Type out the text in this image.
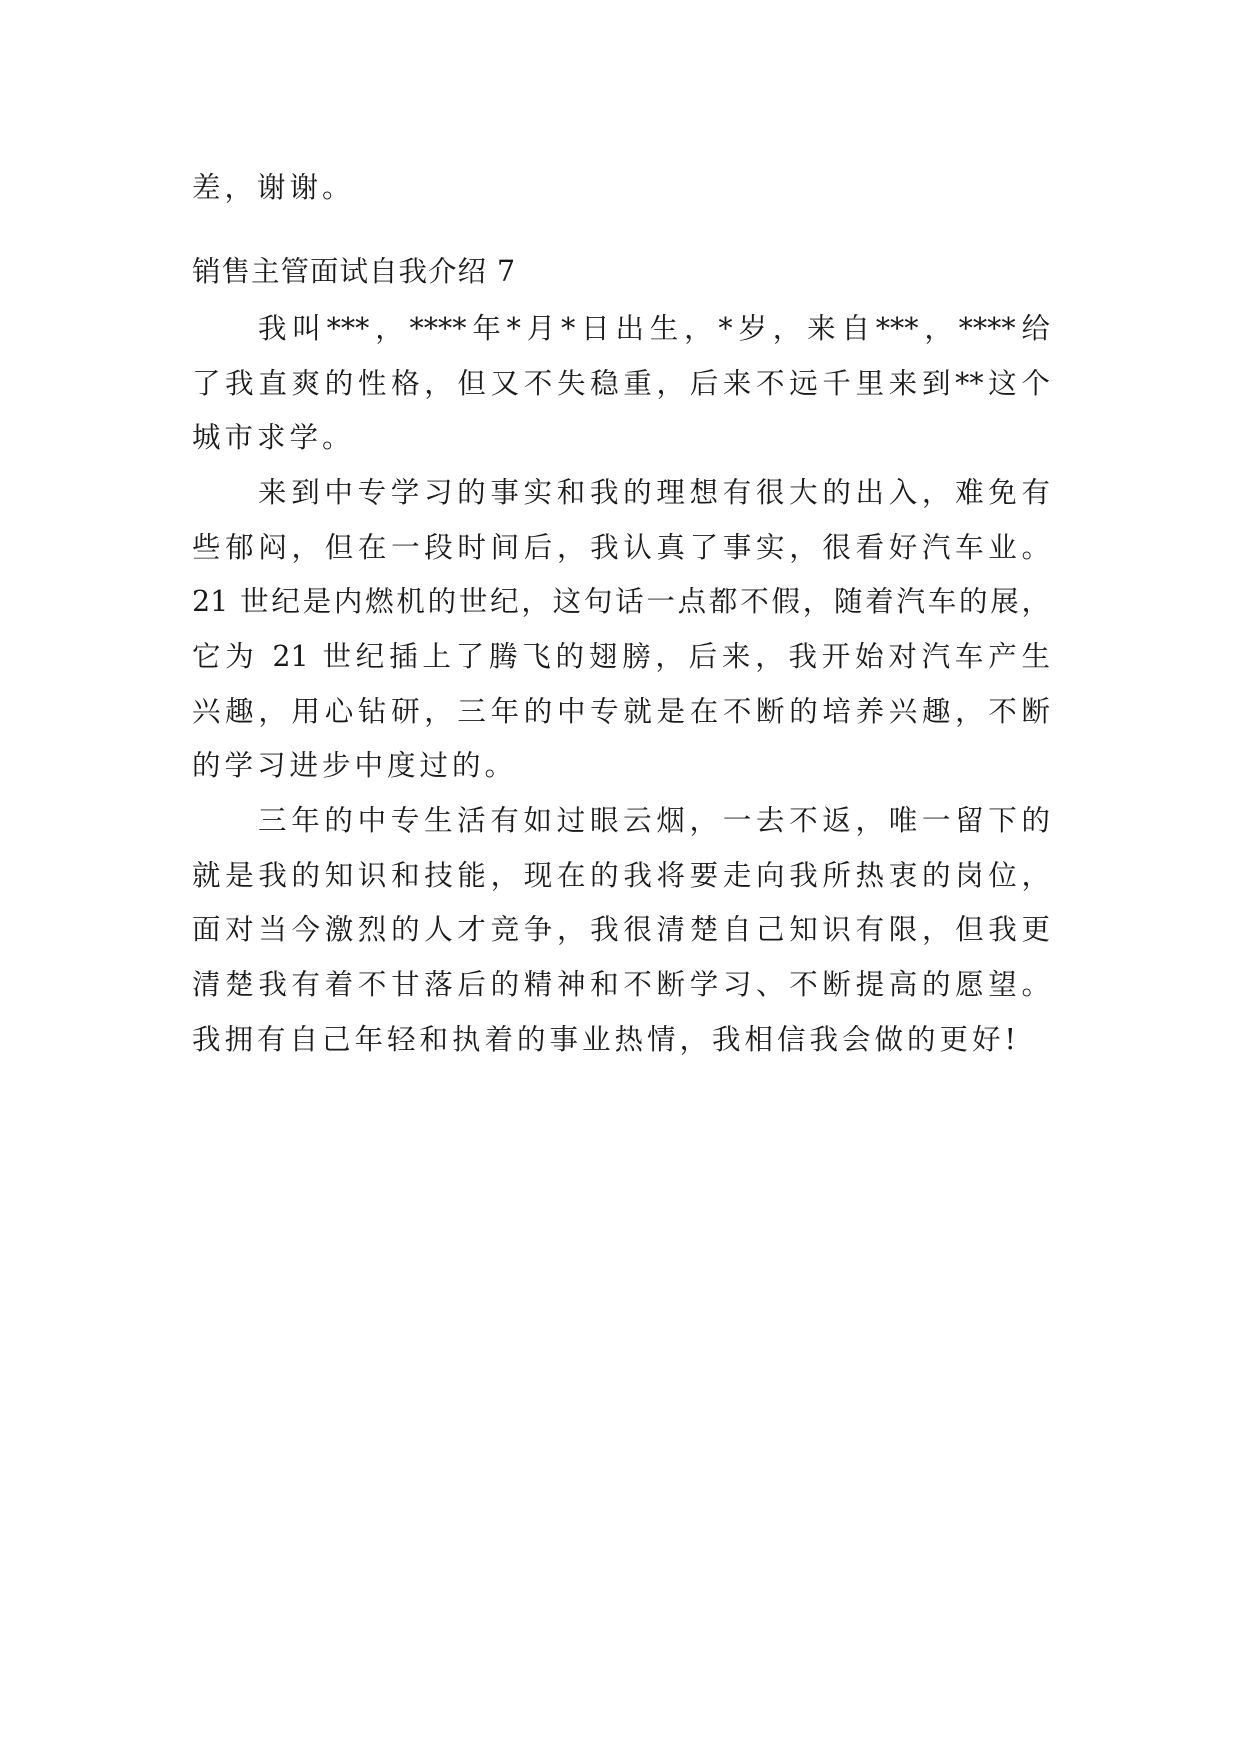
差，谢谢。
销售主管面试自我介绍 7
我叫***，****年*月*日出生，*岁，来自***，****给
了我直爽的性格，但又不失稳重，后来不远千里来到**这个
城市求学。
来到中专学习的事实和我的理想有很大的出入，难免有
些郁闷，但在一段时间后，我认真了事实，很看好汽车业。
21 世纪是内燃机的世纪，这句话一点都不假，随着汽车的展，
它为 21 世纪插上了腾飞的翅膀，后来，我开始对汽车产生
兴趣，用心钻研，三年的中专就是在不断的培养兴趣，不断
的学习进步中度过的。
三年的中专生活有如过眼云烟，一去不返，唯一留下的
就是我的知识和技能，现在的我将要走向我所热衷的岗位，
面对当今激烈的人才竞争，我很清楚自己知识有限，但我更
清楚我有着不甘落后的精神和不断学习、不断提高的愿望。
我拥有自己年轻和执着的事业热情，我相信我会做的更好!
